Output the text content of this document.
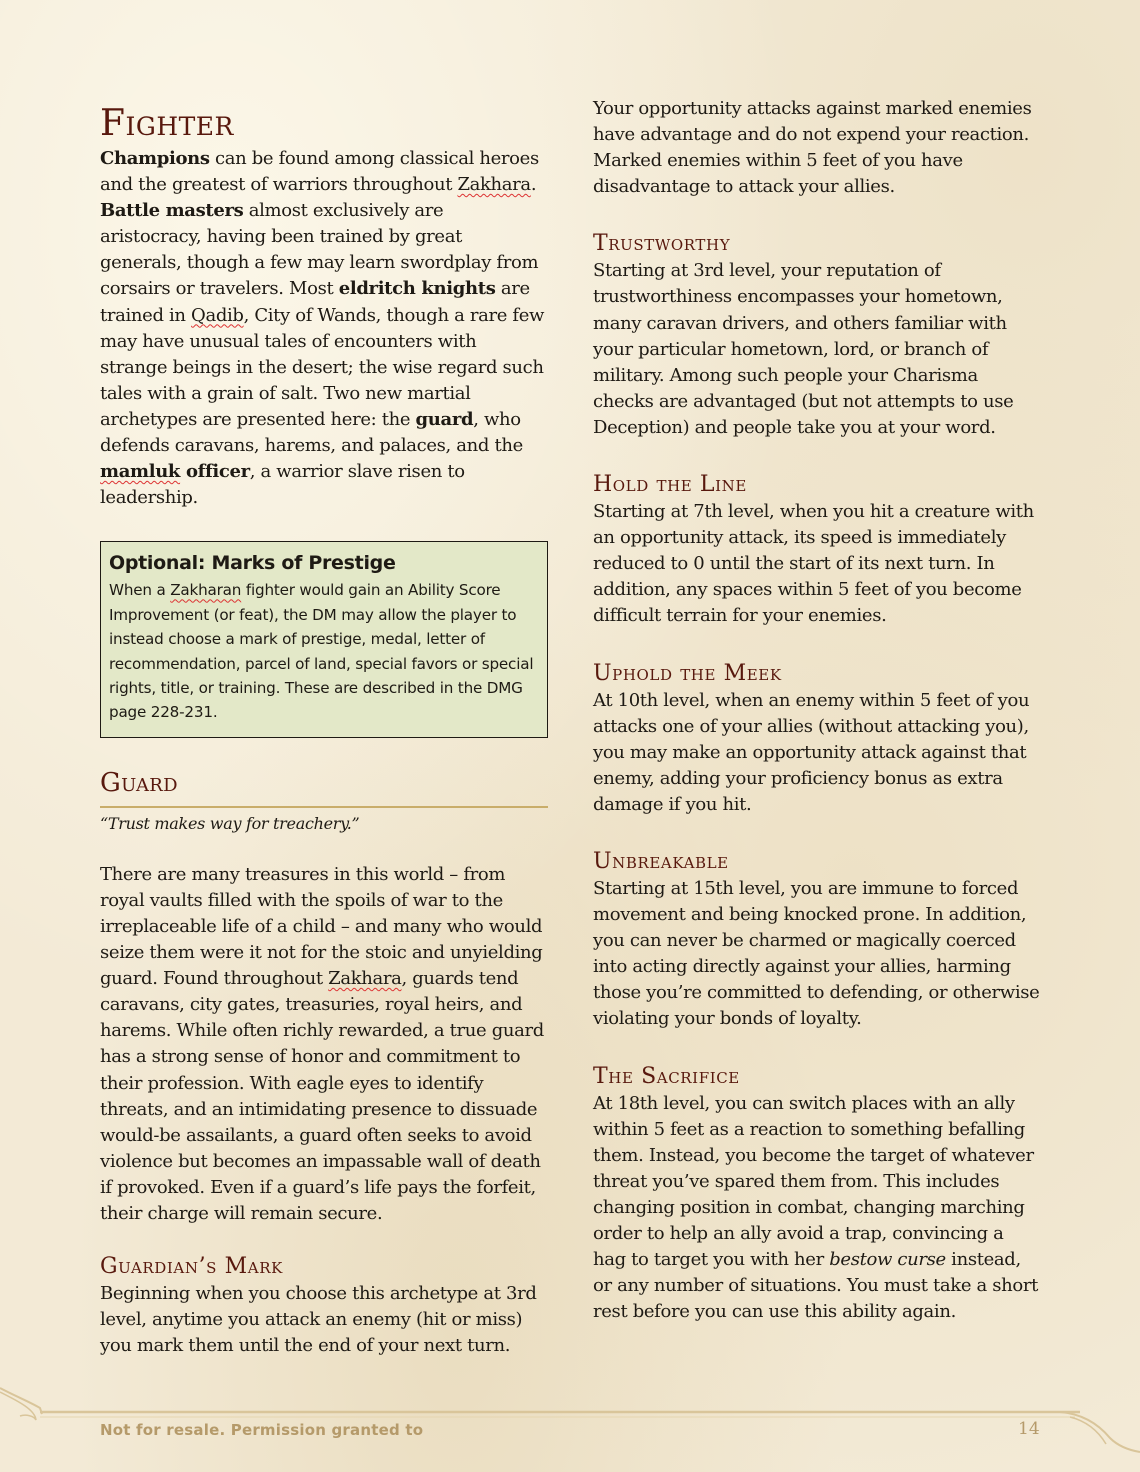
Fighter

Champions can be found among classical heroes and the greatest of warriors throughout Zakhara. Battle masters almost exclusively are aristocracy, having been trained by great generals, though a few may learn swordplay from corsairs or travelers. Most eldritch knights are trained in Qadib, City of Wands, though a rare few may have unusual tales of encounters with strange beings in the desert; the wise regard such tales with a grain of salt. Two new martial archetypes are presented here: the guard, who defends caravans, harems, and palaces, and the mamluk officer, a warrior slave risen to leadership.

Optional: Marks of Prestige

When a Zakharan fighter would gain an Ability Score Improvement (or feat), the DM may allow the player to instead choose a mark of prestige, medal, letter of recommendation, parcel of land, special favors or special rights, title, or training. These are described in the DMG page 228-231.

Guard

“Trust makes way for treachery.”

There are many treasures in this world – from royal vaults filled with the spoils of war to the irreplaceable life of a child – and many who would seize them were it not for the stoic and unyielding guard. Found throughout Zakhara, guards tend caravans, city gates, treasuries, royal heirs, and harems. While often richly rewarded, a true guard has a strong sense of honor and commitment to their profession. With eagle eyes to identify threats, and an intimidating presence to dissuade would-be assailants, a guard often seeks to avoid violence but becomes an impassable wall of death if provoked. Even if a guard’s life pays the forfeit, their charge will remain secure.

Guardian’s Mark

Beginning when you choose this archetype at 3rd level, anytime you attack an enemy (hit or miss) you mark them until the end of your next turn.

Your opportunity attacks against marked enemies have advantage and do not expend your reaction. Marked enemies within 5 feet of you have disadvantage to attack your allies.

Trustworthy

Starting at 3rd level, your reputation of trustworthiness encompasses your hometown, many caravan drivers, and others familiar with your particular hometown, lord, or branch of military. Among such people your Charisma checks are advantaged (but not attempts to use Deception) and people take you at your word.

Hold the Line

Starting at 7th level, when you hit a creature with an opportunity attack, its speed is immediately reduced to 0 until the start of its next turn. In addition, any spaces within 5 feet of you become difficult terrain for your enemies.

Uphold the Meek

At 10th level, when an enemy within 5 feet of you attacks one of your allies (without attacking you), you may make an opportunity attack against that enemy, adding your proficiency bonus as extra damage if you hit.

Unbreakable

Starting at 15th level, you are immune to forced movement and being knocked prone. In addition, you can never be charmed or magically coerced into acting directly against your allies, harming those you’re committed to defending, or otherwise violating your bonds of loyalty.

The Sacrifice

At 18th level, you can switch places with an ally within 5 feet as a reaction to something befalling them. Instead, you become the target of whatever threat you’ve spared them from. This includes changing position in combat, changing marching order to help an ally avoid a trap, convincing a hag to target you with her bestow curse instead, or any number of situations. You must take a short rest before you can use this ability again.

Not for resale. Permission granted to	14
